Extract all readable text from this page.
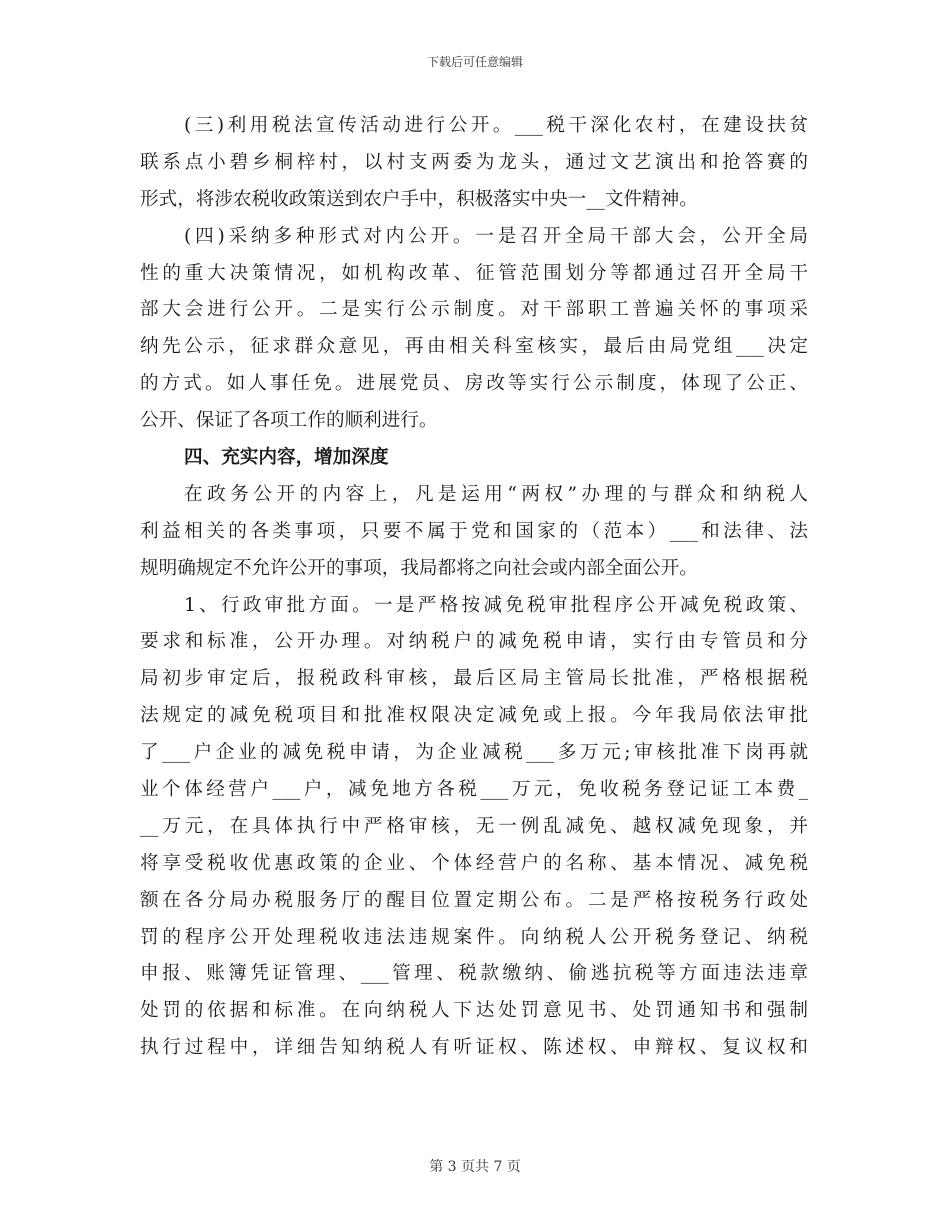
下载后可任意编辑
(三)利用税法宣传活动进行公开。___税干深化农村，在建设扶贫
联系点小碧乡桐梓村，以村支两委为龙头，通过文艺演出和抢答赛的
形式，将涉农税收政策送到农户手中，积极落实中央一__文件精神。
(四)采纳多种形式对内公开。一是召开全局干部大会，公开全局
性的重大决策情况，如机构改革、征管范围划分等都通过召开全局干
部大会进行公开。二是实行公示制度。对干部职工普遍关怀的事项采
纳先公示，征求群众意见，再由相关科室核实，最后由局党组___决定
的方式。如人事任免。进展党员、房改等实行公示制度，体现了公正、
公开、保证了各项工作的顺利进行。
四、充实内容，增加深度
在政务公开的内容上，凡是运用“两权”办理的与群众和纳税人
利益相关的各类事项，只要不属于党和国家的（范本）___和法律、法
规明确规定不允许公开的事项，我局都将之向社会或内部全面公开。
1、行政审批方面。一是严格按减免税审批程序公开减免税政策、
要求和标准，公开办理。对纳税户的减免税申请，实行由专管员和分
局初步审定后，报税政科审核，最后区局主管局长批准，严格根据税
法规定的减免税项目和批准权限决定减免或上报。今年我局依法审批
了___户企业的减免税申请，为企业减税___多万元;审核批准下岗再就
业个体经营户___户，减免地方各税___万元，免收税务登记证工本费_
__万元，在具体执行中严格审核，无一例乱减免、越权减免现象，并
将享受税收优惠政策的企业、个体经营户的名称、基本情况、减免税
额在各分局办税服务厅的醒目位置定期公布。二是严格按税务行政处
罚的程序公开处理税收违法违规案件。向纳税人公开税务登记、纳税
申报、账簿凭证管理、___管理、税款缴纳、偷逃抗税等方面违法违章
处罚的依据和标准。在向纳税人下达处罚意见书、处罚通知书和强制
执行过程中，详细告知纳税人有听证权、陈述权、申辩权、复议权和
第 3 页共 7 页
